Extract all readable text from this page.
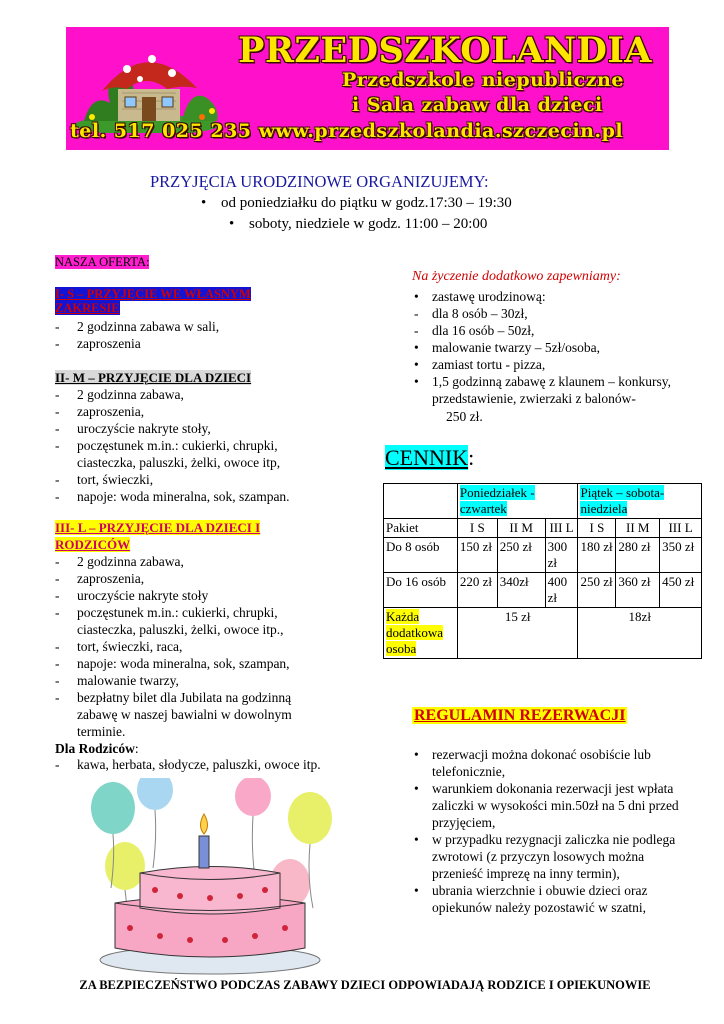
PRZEDSZKOLANDIA
Przedszkole niepubliczne
i Sala zabaw dla dzieci
tel. 517 025 235 www.przedszkolandia.szczecin.pl
PRZYJĘCIA URODZINOWE ORGANIZUJEMY:
• od poniedziałku do piątku w godz.17:30 – 19:30
• soboty, niedziele w godz. 11:00 – 20:00
NASZA OFERTA:
I- S – PRZYJĘCIE WE WŁASNYM ZAKRESIE
- 2 godzinna zabawa w sali,
- zaproszenia
II- M – PRZYJĘCIE DLA DZIECI
- 2 godzinna zabawa,
- zaproszenia,
- uroczyście nakryte stoły,
- poczęstunek m.in.: cukierki, chrupki, ciasteczka, paluszki, żelki, owoce itp,
- tort, świeczki,
- napoje: woda mineralna, sok, szampan.
III- L – PRZYJĘCIE DLA DZIECI I RODZICÓW
- 2 godzinna zabawa,
- zaproszenia,
- uroczyście nakryte stoły
- poczęstunek m.in.: cukierki, chrupki, ciasteczka, paluszki, żelki, owoce itp.,
- tort, świeczki, raca,
- napoje: woda mineralna, sok, szampan,
- malowanie twarzy,
- bezpłatny bilet dla Jubilata na godzinną zabawę w naszej bawialni w dowolnym terminie.
Dla Rodziców:
- kawa, herbata, słodycze, paluszki, owoce itp.
Na życzenie dodatkowo zapewniamy:
• zastawę urodzinową:
- dla 8 osób – 30zł,
- dla 16 osób – 50zł,
• malowanie twarzy – 5zł/osoba,
• zamiast tortu - pizza,
• 1,5 godzinną zabawę z klaunem – konkursy, przedstawienie, zwierzaki z balonów-
250 zł.
CENNIK:
	Poniedziałek - czwartek			Piątek – sobota-niedziela		
Pakiet	I S	II M	III L	I S	II M	III L
Do 8 osób	150 zł	250 zł	300 zł	180 zł	280 zł	350 zł
Do 16 osób	220 zł	340zł	400 zł	250 zł	360 zł	450 zł
Każda dodatkowa osoba	15 zł			18zł		
REGULAMIN REZERWACJI
• rezerwacji można dokonać osobiście lub telefonicznie,
• warunkiem dokonania rezerwacji jest wpłata zaliczki w wysokości min.50zł na 5 dni przed przyjęciem,
• w przypadku rezygnacji zaliczka nie podlega zwrotowi (z przyczyn losowych można przenieść imprezę na inny termin),
• ubrania wierzchnie i obuwie dzieci oraz opiekunów należy pozostawić w szatni,
ZA BEZPIECZEŃSTWO PODCZAS ZABAWY DZIECI ODPOWIADAJĄ RODZICE I OPIEKUNOWIE
